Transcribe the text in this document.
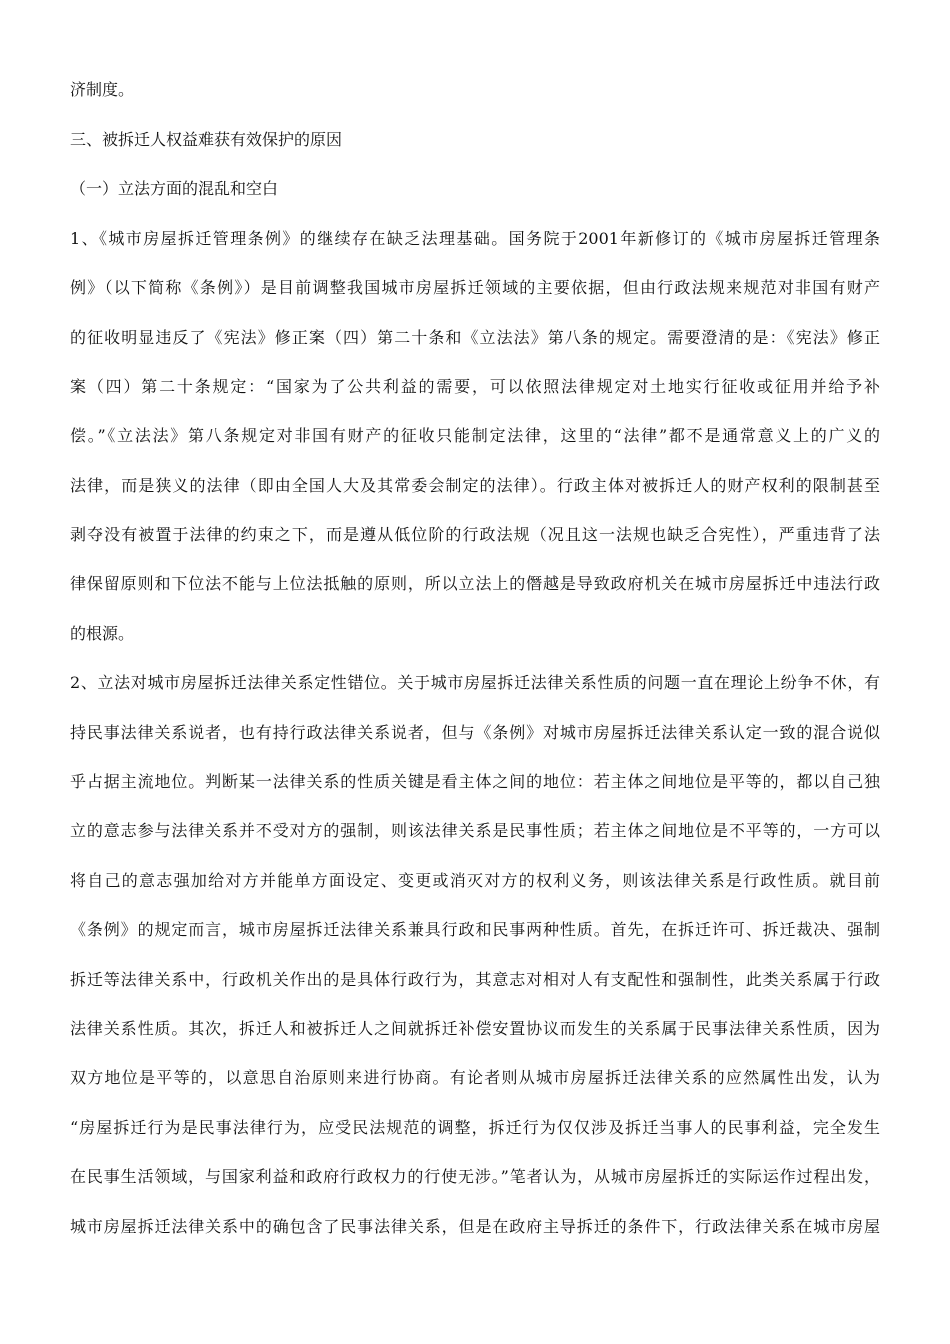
济制度。
三、被拆迁人权益难获有效保护的原因
（一）立法方面的混乱和空白
1、《城市房屋拆迁管理条例》的继续存在缺乏法理基础。国务院于2001年新修订的《城市房屋拆迁管理条
例》（以下简称《条例》）是目前调整我国城市房屋拆迁领域的主要依据，但由行政法规来规范对非国有财产
的征收明显违反了《宪法》修正案（四）第二十条和《立法法》第八条的规定。需要澄清的是：《宪法》修正
案（四）第二十条规定：“国家为了公共利益的需要，可以依照法律规定对土地实行征收或征用并给予补
偿。”《立法法》第八条规定对非国有财产的征收只能制定法律，这里的“法律”都不是通常意义上的广义的
法律，而是狭义的法律（即由全国人大及其常委会制定的法律）。行政主体对被拆迁人的财产权利的限制甚至
剥夺没有被置于法律的约束之下，而是遵从低位阶的行政法规（况且这一法规也缺乏合宪性），严重违背了法
律保留原则和下位法不能与上位法抵触的原则，所以立法上的僭越是导致政府机关在城市房屋拆迁中违法行政
的根源。
2、立法对城市房屋拆迁法律关系定性错位。关于城市房屋拆迁法律关系性质的问题一直在理论上纷争不休，有
持民事法律关系说者，也有持行政法律关系说者，但与《条例》对城市房屋拆迁法律关系认定一致的混合说似
乎占据主流地位。判断某一法律关系的性质关键是看主体之间的地位：若主体之间地位是平等的，都以自己独
立的意志参与法律关系并不受对方的强制，则该法律关系是民事性质；若主体之间地位是不平等的，一方可以
将自己的意志强加给对方并能单方面设定、变更或消灭对方的权利义务，则该法律关系是行政性质。就目前
《条例》的规定而言，城市房屋拆迁法律关系兼具行政和民事两种性质。首先，在拆迁许可、拆迁裁决、强制
拆迁等法律关系中，行政机关作出的是具体行政行为，其意志对相对人有支配性和强制性，此类关系属于行政
法律关系性质。其次，拆迁人和被拆迁人之间就拆迁补偿安置协议而发生的关系属于民事法律关系性质，因为
双方地位是平等的，以意思自治原则来进行协商。有论者则从城市房屋拆迁法律关系的应然属性出发，认为
“房屋拆迁行为是民事法律行为，应受民法规范的调整，拆迁行为仅仅涉及拆迁当事人的民事利益，完全发生
在民事生活领域，与国家利益和政府行政权力的行使无涉。”笔者认为，从城市房屋拆迁的实际运作过程出发，
城市房屋拆迁法律关系中的确包含了民事法律关系，但是在政府主导拆迁的条件下，行政法律关系在城市房屋
